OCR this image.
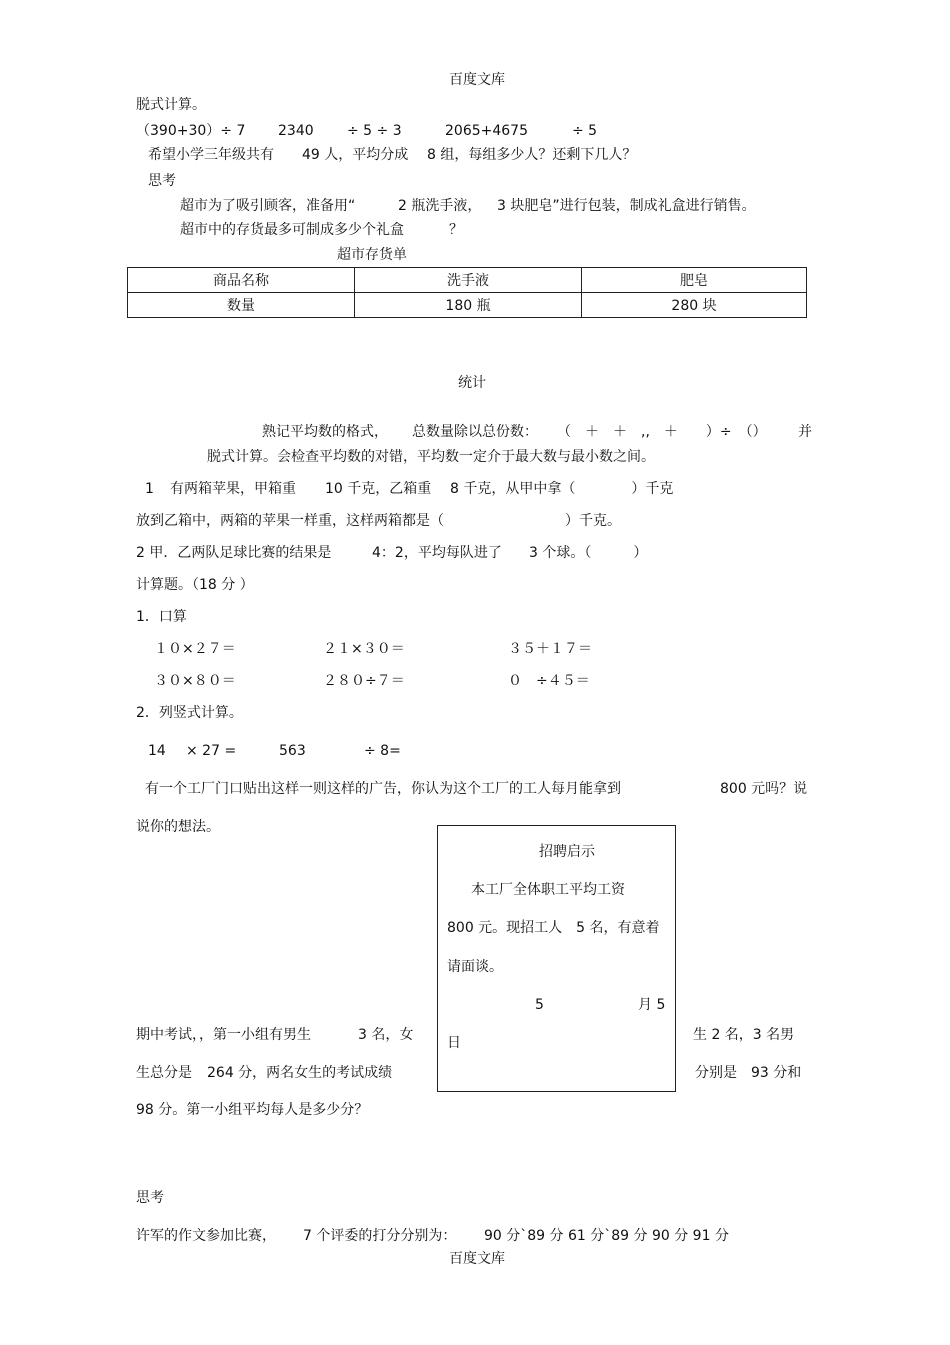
百度文库
脱式计算。
（390+30）÷ 7 2340 ÷ 5 ÷ 3	2065+4675	÷ 5
希望小学三年级共有 49 人，平均分成 8 组，每组多少人？还剩下几人？
思考
超市为了吸引顾客，准备用“	2 瓶洗手液， 3 块肥皂”进行包装，制成礼盒进行销售。
超市中的存货最多可制成多少个礼盒	？
超市存货单
商品名称	洗手液	肥皂
数量	180 瓶	280 块
统计
熟记平均数的格式， 总数量除以总份数： （　＋　＋　,,　＋　　）÷　（） 并
脱式计算。会检查平均数的对错，平均数一定介于最大数与最小数之间。
1 有两箱苹果，甲箱重 10 千克，乙箱重 8 千克，从甲中拿（　　　　）千克
放到乙箱中，两箱的苹果一样重，这样两箱都是（	）千克。
2 甲．乙两队足球比赛的结果是	4：2，平均每队进了 3 个球。（　　　）
计算题。（18 分 ）
1．口算
１０×２７＝	２１×３０＝	３５＋１７＝
３０×８０＝	２８０÷７＝	０　÷４５＝
2．列竖式计算。
14 × 27 =	563	÷ 8=
有一个工厂门口贴出这样一则这样的广告，你认为这个工厂的工人每月能拿到	800 元吗？说
说你的想法。
招聘启示
本工厂全体职工平均工资
800 元。现招工人　5 名，有意着
请面谈。
5	月 5
日
期中考试，，第一小组有男生	3 名，女	生 2 名，3 名男
生总分是 264 分，两名女生的考试成绩	分别是　93 分和
98 分。第一小组平均每人是多少分？
思考
许军的作文参加比赛， 7 个评委的打分分别为： 90 分`89 分 61 分`89 分 90 分 91 分
百度文库
